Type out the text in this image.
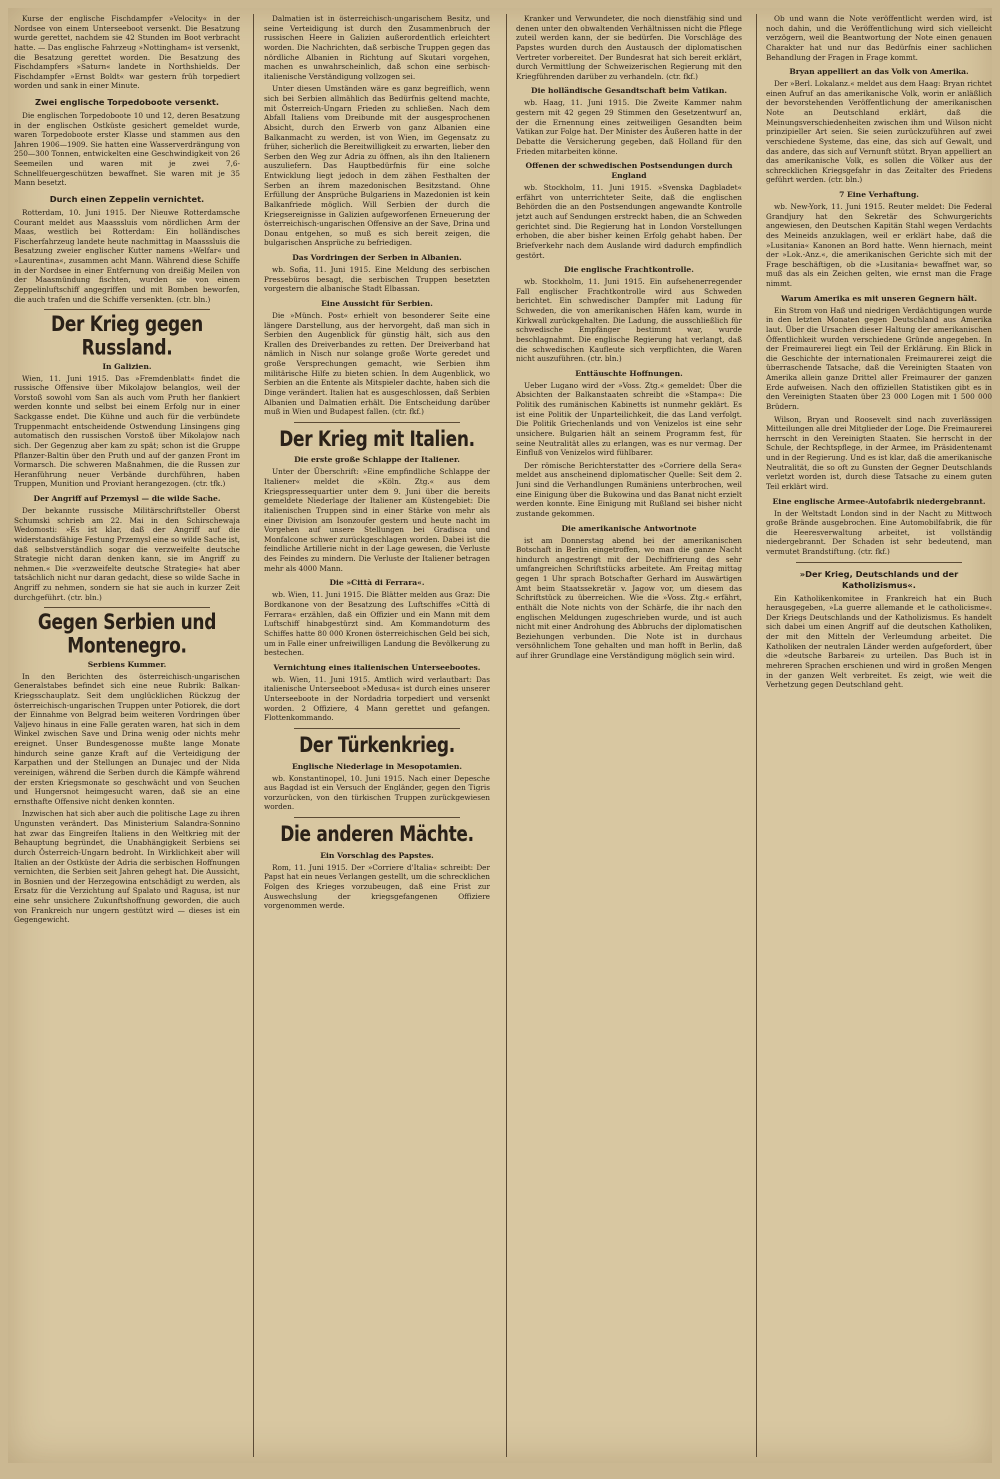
Kurse der englische Fischdampfer »Velocity« in der Nordsee von einem Unterseeboot versenkt. Die Besatzung wurde gerettet, nachdem sie 42 Stunden im Boot verbracht hatte. — Das englische Fahrzeug »Nottingham« ist versenkt, die Besatzung gerettet worden. Die Besatzung des Fischdampfers »Saturn« landete in Northshields. Der Fischdampfer »Ernst Boldt« war gestern früh torpediert worden und sank in einer Minute.

Zwei englische Torpedoboote versenkt.

Die englischen Torpedoboote 10 und 12, deren Besatzung in der englischen Ostküste gesichert gemeldet wurde, waren Torpedoboote erster Klasse und stammen aus den Jahren 1906—1909. Sie hatten eine Wasserverdrängung von 250—300 Tonnen, entwickelten eine Geschwindigkeit von 26 Seemeilen und waren mit je zwei 7,6-Schnellfeuergeschützen bewaffnet. Sie waren mit je 35 Mann besetzt.

Durch einen Zeppelin vernichtet.

Rotterdam, 10. Juni 1915. Der Nieuwe Rotterdamsche Courant meldet aus Maasssluis vom nördlichen Arm der Maas, westlich bei Rotterdam: Ein holländisches Fischerfahrzeug landete heute nachmittag in Maasssluis die Besatzung zweier englischer Kutter namens »Welfar« und »Laurentina«, zusammen acht Mann. Während diese Schiffe in der Nordsee in einer Entfernung von dreißig Meilen von der Maasmündung fischten, wurden sie von einem Zeppelinluftschiff angegriffen und mit Bomben beworfen, die auch trafen und die Schiffe versenkten. (ctr. bln.)

Der Krieg gegen Russland.
In Galizien.

Wien, 11. Juni 1915. Das »Fremdenblatt« findet die russische Offensive über Mikolajow belanglos, weil der Vorstoß sowohl vom San als auch vom Pruth her flankiert werden konnte und selbst bei einem Erfolg nur in einer Sackgasse endet. Die Kühne und auch für die verbündete Truppenmacht entscheidende Ostwendung Linsingens ging automatisch den russischen Vorstoß über Mikolajow nach sich. Der Gegenzug aber kam zu spät; schon ist die Gruppe Pflanzer-Baltin über den Pruth und auf der ganzen Front im Vormarsch. Die schweren Maßnahmen, die die Russen zur Heranführung neuer Verbände durchführen, haben Truppen, Munition und Proviant herangezogen. (ctr. tfk.)

Der Angriff auf Przemysl — die wilde Sache.

Der bekannte russische Militärschriftsteller Oberst Schumski schrieb am 22. Mai in den Schirschewaja Wedomosti: »Es ist klar, daß der Angriff auf die widerstandsfähige Festung Przemysl eine so wilde Sache ist, daß selbstverständlich sogar die verzweifelte deutsche Strategie nicht daran denken kann, sie im Angriff zu nehmen.« Die »verzweifelte deutsche Strategie« hat aber tatsächlich nicht nur daran gedacht, diese so wilde Sache in Angriff zu nehmen, sondern sie hat sie auch in kurzer Zeit durchgeführt. (ctr. bln.)

Gegen Serbien und Montenegro.
Serbiens Kummer.

In den Berichten des österreichisch-ungarischen Generalstabes befindet sich eine neue Rubrik: Balkan-Kriegsschauplatz. Seit dem unglücklichen Rückzug der österreichisch-ungarischen Truppen unter Potiorek, die dort der Einnahme von Belgrad beim weiteren Vordringen über Valjevo hinaus in eine Falle geraten waren, hat sich in dem Winkel zwischen Save und Drina wenig oder nichts mehr ereignet. Unser Bundesgenosse mußte lange Monate hindurch seine ganze Kraft auf die Verteidigung der Karpathen und der Stellungen an Dunajec und der Nida vereinigen, während die Serben durch die Kämpfe während der ersten Kriegsmonate so geschwächt und von Seuchen und Hungersnot heimgesucht waren, daß sie an eine ernsthafte Offensive nicht denken konnten.

Inzwischen hat sich aber auch die politische Lage zu ihren Ungunsten verändert. Das Ministerium Salandra-Sonnino hat zwar das Eingreifen Italiens in den Weltkrieg mit der Behauptung begründet, die Unabhängigkeit Serbiens sei durch Österreich-Ungarn bedroht. In Wirklichkeit aber will Italien an der Ostküste der Adria die serbischen Hoffnungen vernichten, die Serbien seit Jahren gehegt hat. Die Aussicht, in Bosnien und der Herzegowina entschädigt zu werden, als Ersatz für die Verzichtung auf Spalato und Ragusa, ist nur eine sehr unsichere Zukunftshoffnung geworden, die auch von Frankreich nur ungern gestützt wird — dieses ist ein Gegengewicht.

Dalmatien ist in österreichisch-ungarischem Besitz, und seine Verteidigung ist durch den Zusammenbruch der russischen Heere in Galizien außerordentlich erleichtert worden. Die Nachrichten, daß serbische Truppen gegen das nördliche Albanien in Richtung auf Skutari vorgehen, machen es unwahrscheinlich, daß schon eine serbisch-italienische Verständigung vollzogen sei.

Unter diesen Umständen wäre es ganz begreiflich, wenn sich bei Serbien allmählich das Bedürfnis geltend machte, mit Österreich-Ungarn Frieden zu schließen. Nach dem Abfall Italiens vom Dreibunde mit der ausgesprochenen Absicht, durch den Erwerb von ganz Albanien eine Balkanmacht zu werden, ist von Wien, im Gegensatz zu früher, sicherlich die Bereitwilligkeit zu erwarten, lieber den Serben den Weg zur Adria zu öffnen, als ihn den Italienern auszuliefern. Das Hauptbedürfnis für eine solche Entwicklung liegt jedoch in dem zähen Festhalten der Serben an ihrem mazedonischen Besitzstand. Ohne Erfüllung der Ansprüche Bulgariens in Mazedonien ist kein Balkanfriede möglich. Will Serbien der durch die Kriegsereignisse in Galizien aufgeworfenen Erneuerung der österreichisch-ungarischen Offensive an der Save, Drina und Donau entgehen, so muß es sich bereit zeigen, die bulgarischen Ansprüche zu befriedigen.

Das Vordringen der Serben in Albanien.

wb. Sofia, 11. Juni 1915. Eine Meldung des serbischen Pressebüros besagt, die serbischen Truppen besetzten vorgestern die albanische Stadt Elbassan.

Eine Aussicht für Serbien.

Die »Münch. Post« erhielt von besonderer Seite eine längere Darstellung, aus der hervorgeht, daß man sich in Serbien den Augenblick für günstig hält, sich aus den Krallen des Dreiverbandes zu retten. Der Dreiverband hat nämlich in Nisch nur solange große Worte geredet und große Versprechungen gemacht, wie Serbien ihm militärische Hilfe zu bieten schien. In dem Augenblick, wo Serbien an die Entente als Mitspieler dachte, haben sich die Dinge verändert. Italien hat es ausgeschlossen, daß Serbien Albanien und Dalmatien erhält. Die Entscheidung darüber muß in Wien und Budapest fallen. (ctr. fkf.)

Der Krieg mit Italien.
Die erste große Schlappe der Italiener.

Unter der Überschrift: »Eine empfindliche Schlappe der Italiener« meldet die »Köln. Ztg.« aus dem Kriegspressequartier unter dem 9. Juni über die bereits gemeldete Niederlage der Italiener am Küstengebiet: Die italienischen Truppen sind in einer Stärke von mehr als einer Division am Isonzoufer gestern und heute nacht im Vorgehen auf unsere Stellungen bei Gradisca und Monfalcone schwer zurückgeschlagen worden. Dabei ist die feindliche Artillerie nicht in der Lage gewesen, die Verluste des Feindes zu mindern. Die Verluste der Italiener betragen mehr als 4000 Mann.

Die »Città di Ferrara«.

wb. Wien, 11. Juni 1915. Die Blätter melden aus Graz: Die Bordkanone von der Besatzung des Luftschiffes »Città di Ferrara« erzählen, daß ein Offizier und ein Mann mit dem Luftschiff hinabgestürzt sind. Am Kommandoturm des Schiffes hatte 80 000 Kronen österreichischen Geld bei sich, um in Falle einer unfreiwilligen Landung die Bevölkerung zu bestechen.

Vernichtung eines italienischen Unterseebootes.

wb. Wien, 11. Juni 1915. Amtlich wird verlautbart: Das italienische Unterseeboot »Medusa« ist durch eines unserer Unterseeboote in der Nordadria torpediert und versenkt worden. 2 Offiziere, 4 Mann gerettet und gefangen. Flottenkommando.

Der Türkenkrieg.
Englische Niederlage in Mesopotamien.

wb. Konstantinopel, 10. Juni 1915. Nach einer Depesche aus Bagdad ist ein Versuch der Engländer, gegen den Tigris vorzurücken, von den türkischen Truppen zurückgewiesen worden.

Die anderen Mächte.
Ein Vorschlag des Papstes.

Rom, 11. Juni 1915. Der »Corriere d'Italia« schreibt: Der Papst hat ein neues Verlangen gestellt, um die schrecklichen Folgen des Krieges vorzubeugen, daß eine Frist zur Auswechslung der kriegsgefangenen Offiziere vorgenommen werde.

Kranker und Verwundeter, die noch dienstfähig sind und denen unter den obwaltenden Verhältnissen nicht die Pflege zuteil werden kann, der sie bedürfen. Die Vorschläge des Papstes wurden durch den Austausch der diplomatischen Vertreter vorbereitet. Der Bundesrat hat sich bereit erklärt, durch Vermittlung der Schweizerischen Regierung mit den Kriegführenden darüber zu verhandeln. (ctr. fkf.)

Die holländische Gesandtschaft beim Vatikan.

wb. Haag, 11. Juni 1915. Die Zweite Kammer nahm gestern mit 42 gegen 29 Stimmen den Gesetzentwurf an, der die Ernennung eines zeitweiligen Gesandten beim Vatikan zur Folge hat. Der Minister des Äußeren hatte in der Debatte die Versicherung gegeben, daß Holland für den Frieden mitarbeiten könne.

Offenen der schwedischen Postsendungen durch England

wb. Stockholm, 11. Juni 1915. »Svenska Dagbladet« erfährt von unterrichteter Seite, daß die englischen Behörden die an den Postsendungen angewandte Kontrolle jetzt auch auf Sendungen erstreckt haben, die an Schweden gerichtet sind. Die Regierung hat in London Vorstellungen erhoben, die aber bisher keinen Erfolg gehabt haben. Der Briefverkehr nach dem Auslande wird dadurch empfindlich gestört.

Die englische Frachtkontrolle.

wb. Stockholm, 11. Juni 1915. Ein aufsehenerregender Fall englischer Frachtkontrolle wird aus Schweden berichtet. Ein schwedischer Dampfer mit Ladung für Schweden, die von amerikanischen Häfen kam, wurde in Kirkwall zurückgehalten. Die Ladung, die ausschließlich für schwedische Empfänger bestimmt war, wurde beschlagnahmt. Die englische Regierung hat verlangt, daß die schwedischen Kaufleute sich verpflichten, die Waren nicht auszuführen. (ctr. bln.)

Enttäuschte Hoffnungen.

Ueber Lugano wird der »Voss. Ztg.« gemeldet: Über die Absichten der Balkanstaaten schreibt die »Stampa«: Die Politik des rumänischen Kabinetts ist nunmehr geklärt. Es ist eine Politik der Unparteilichkeit, die das Land verfolgt. Die Politik Griechenlands und von Venizelos ist eine sehr unsichere. Bulgarien hält an seinem Programm fest, für seine Neutralität alles zu erlangen, was es nur vermag. Der Einfluß von Venizelos wird fühlbarer.

Der römische Berichterstatter des »Corriere della Sera« meldet aus anscheinend diplomatischer Quelle: Seit dem 2. Juni sind die Verhandlungen Rumäniens unterbrochen, weil eine Einigung über die Bukowina und das Banat nicht erzielt werden konnte. Eine Einigung mit Rußland sei bisher nicht zustande gekommen.

Die amerikanische Antwortnote

ist am Donnerstag abend bei der amerikanischen Botschaft in Berlin eingetroffen, wo man die ganze Nacht hindurch angestrengt mit der Dechiffrierung des sehr umfangreichen Schriftstücks arbeitete. Am Freitag mittag gegen 1 Uhr sprach Botschafter Gerhard im Auswärtigen Amt beim Staatssekretär v. Jagow vor, um diesem das Schriftstück zu überreichen. Wie die »Voss. Ztg.« erfährt, enthält die Note nichts von der Schärfe, die ihr nach den englischen Meldungen zugeschrieben wurde, und ist auch nicht mit einer Androhung des Abbruchs der diplomatischen Beziehungen verbunden. Die Note ist in durchaus versöhnlichem Tone gehalten und man hofft in Berlin, daß auf ihrer Grundlage eine Verständigung möglich sein wird.

Ob und wann die Note veröffentlicht werden wird, ist noch dahin, und die Veröffentlichung wird sich vielleicht verzögern, weil die Beantwortung der Note einen genauen Charakter hat und nur das Bedürfnis einer sachlichen Behandlung der Fragen in Frage kommt.

Bryan appelliert an das Volk von Amerika.

Der »Berl. Lokalanz.« meldet aus dem Haag: Bryan richtet einen Aufruf an das amerikanische Volk, worin er anläßlich der bevorstehenden Veröffentlichung der amerikanischen Note an Deutschland erklärt, daß die Meinungsverschiedenheiten zwischen ihm und Wilson nicht prinzipieller Art seien. Sie seien zurückzuführen auf zwei verschiedene Systeme, das eine, das sich auf Gewalt, und das andere, das sich auf Vernunft stützt. Bryan appelliert an das amerikanische Volk, es sollen die Völker aus der schrecklichen Kriegsgefahr in das Zeitalter des Friedens geführt werden. (ctr. bln.)

7 Eine Verhaftung.

wb. New-York, 11. Juni 1915. Reuter meldet: Die Federal Grandjury hat den Sekretär des Schwurgerichts angewiesen, den Deutschen Kapitän Stahl wegen Verdachts des Meineids anzuklagen, weil er erklärt habe, daß die »Lusitania« Kanonen an Bord hatte. Wenn hiernach, meint der »Lok.-Anz.«, die amerikanischen Gerichte sich mit der Frage beschäftigen, ob die »Lusitania« bewaffnet war, so muß das als ein Zeichen gelten, wie ernst man die Frage nimmt.

Warum Amerika es mit unseren Gegnern hält.

Ein Strom von Haß und niedrigen Verdächtigungen wurde in den letzten Monaten gegen Deutschland aus Amerika laut. Über die Ursachen dieser Haltung der amerikanischen Öffentlichkeit wurden verschiedene Gründe angegeben. In der Freimaurerei liegt ein Teil der Erklärung. Ein Blick in die Geschichte der internationalen Freimaurerei zeigt die überraschende Tatsache, daß die Vereinigten Staaten von Amerika allein ganze Drittel aller Freimaurer der ganzen Erde aufweisen. Nach den offiziellen Statistiken gibt es in den Vereinigten Staaten über 23 000 Logen mit 1 500 000 Brüdern.

Wilson, Bryan und Roosevelt sind nach zuverlässigen Mitteilungen alle drei Mitglieder der Loge. Die Freimaurerei herrscht in den Vereinigten Staaten. Sie herrscht in der Schule, der Rechtspflege, in der Armee, im Präsidentenamt und in der Regierung. Und es ist klar, daß die amerikanische Neutralität, die so oft zu Gunsten der Gegner Deutschlands verletzt worden ist, durch diese Tatsache zu einem guten Teil erklärt wird.

Eine englische Armee-Autofabrik niedergebrannt.

In der Weltstadt London sind in der Nacht zu Mittwoch große Brände ausgebrochen. Eine Automobilfabrik, die für die Heeresverwaltung arbeitet, ist vollständig niedergebrannt. Der Schaden ist sehr bedeutend, man vermutet Brandstiftung. (ctr. fkf.)

»Der Krieg, Deutschlands und der Katholizismus«.

Ein Katholikenkomitee in Frankreich hat ein Buch herausgegeben, »La guerre allemande et le catholicisme«. Der Kriegs Deutschlands und der Katholizismus. Es handelt sich dabei um einen Angriff auf die deutschen Katholiken, der mit den Mitteln der Verleumdung arbeitet. Die Katholiken der neutralen Länder werden aufgefordert, über die »deutsche Barbarei« zu urteilen. Das Buch ist in mehreren Sprachen erschienen und wird in großen Mengen in der ganzen Welt verbreitet. Es zeigt, wie weit die Verhetzung gegen Deutschland geht.
